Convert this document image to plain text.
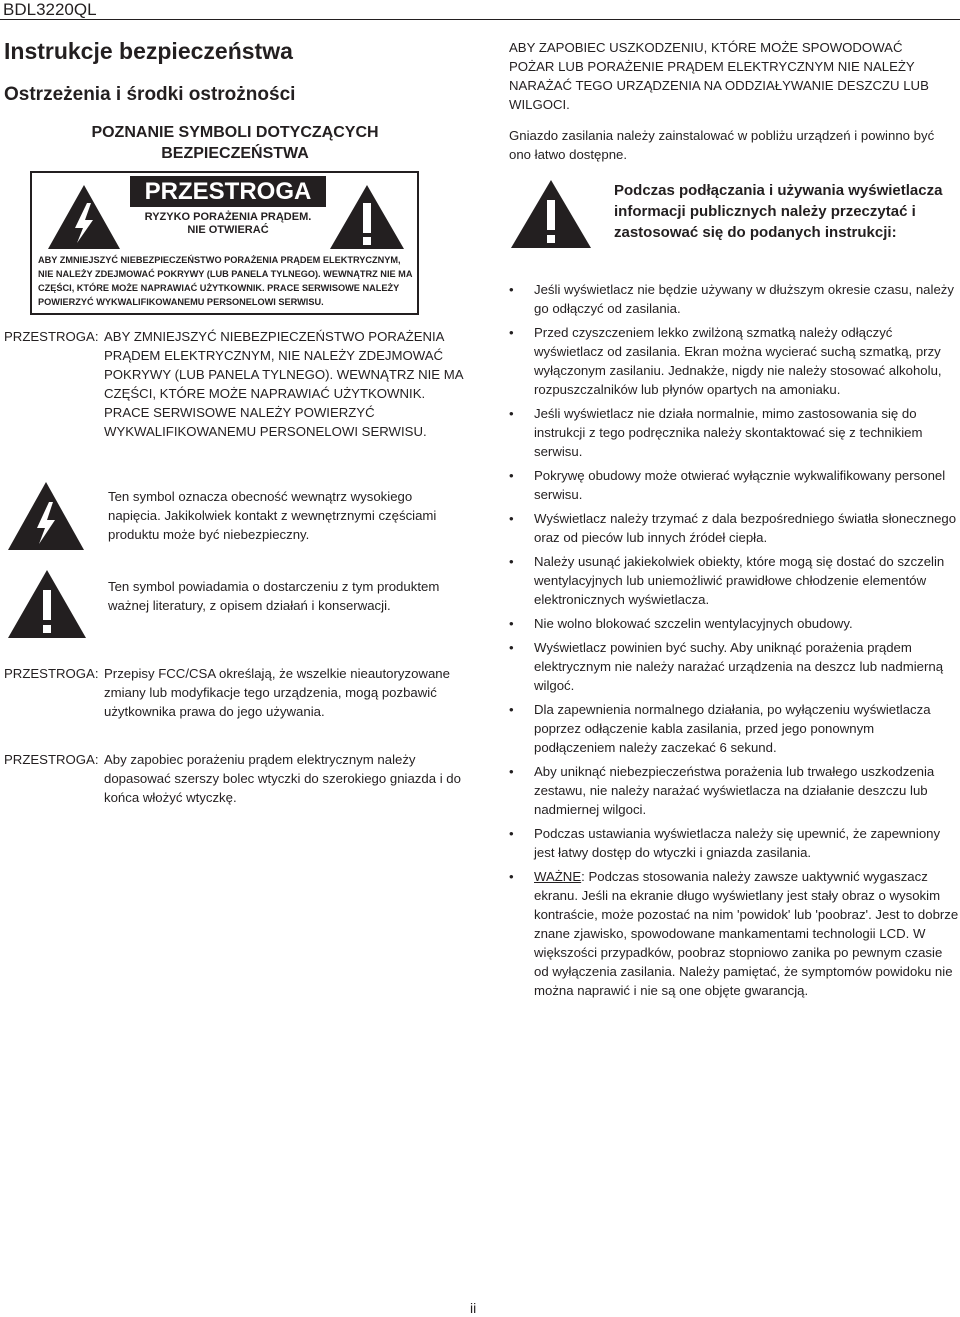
BDL3220QL
Instrukcje bezpieczeństwa
Ostrzeżenia i środki ostrożności
POZNANIE SYMBOLI DOTYCZĄCYCH BEZPIECZEŃSTWA
PRZESTROGA
RYZYKO PORAŻENIA PRĄDEM.
NIE OTWIERAĆ
ABY ZMNIEJSZYĆ NIEBEZPIECZEŃSTWO PORAŻENIA PRĄDEM ELEKTRYCZNYM, NIE NALEŻY ZDEJMOWAĆ POKRYWY (LUB PANELA TYLNEGO). WEWNĄTRZ NIE MA CZĘŚCI, KTÓRE MOŻE NAPRAWIAĆ UŻYTKOWNIK. PRACE SERWISOWE NALEŻY POWIERZYĆ WYKWALIFIKOWANEMU PERSONELOWI SERWISU.
PRZESTROGA: ABY ZMNIEJSZYĆ NIEBEZPIECZEŃSTWO PORAŻENIA PRĄDEM ELEKTRYCZNYM, NIE NALEŻY ZDEJMOWAĆ POKRYWY (LUB PANELA TYLNEGO). WEWNĄTRZ NIE MA CZĘŚCI, KTÓRE MOŻE NAPRAWIAĆ UŻYTKOWNIK. PRACE SERWISOWE NALEŻY POWIERZYĆ WYKWALIFIKOWANEMU PERSONELOWI SERWISU.
Ten symbol oznacza obecność wewnątrz wysokiego napięcia. Jakikolwiek kontakt z wewnętrznymi częściami produktu może być niebezpieczny.
Ten symbol powiadamia o dostarczeniu z tym produktem ważnej literatury, z opisem działań i konserwacji.
PRZESTROGA: Przepisy FCC/CSA określają, że wszelkie nieautoryzowane zmiany lub modyfikacje tego urządzenia, mogą pozbawić użytkownika prawa do jego używania.
PRZESTROGA: Aby zapobiec porażeniu prądem elektrycznym należy dopasować szerszy bolec wtyczki do szerokiego gniazda i do końca włożyć wtyczkę.
ABY ZAPOBIEC USZKODZENIU, KTÓRE MOŻE SPOWODOWAĆ POŻAR LUB PORAŻENIE PRĄDEM ELEKTRYCZNYM NIE NALEŻY NARAŻAĆ TEGO URZĄDZENIA NA ODDZIAŁYWANIE DESZCZU LUB WILGOCI.
Gniazdo zasilania należy zainstalować w pobliżu urządzeń i powinno być ono łatwo dostępne.
Podczas podłączania i używania wyświetlacza informacji publicznych należy przeczytać i zastosować się do podanych instrukcji:
• Jeśli wyświetlacz nie będzie używany w dłuższym okresie czasu, należy go odłączyć od zasilania.
• Przed czyszczeniem lekko zwilżoną szmatką należy odłączyć wyświetlacz od zasilania. Ekran można wycierać suchą szmatką, przy wyłączonym zasilaniu. Jednakże, nigdy nie należy stosować alkoholu, rozpuszczalników lub płynów opartych na amoniaku.
• Jeśli wyświetlacz nie działa normalnie, mimo zastosowania się do instrukcji z tego podręcznika należy skontaktować się z technikiem serwisu.
• Pokrywę obudowy może otwierać wyłącznie wykwalifikowany personel serwisu.
• Wyświetlacz należy trzymać z dala bezpośredniego światła słonecznego oraz od pieców lub innych źródeł ciepła.
• Należy usunąć jakiekolwiek obiekty, które mogą się dostać do szczelin wentylacyjnych lub uniemożliwić prawidłowe chłodzenie elementów elektronicznych wyświetlacza.
• Nie wolno blokować szczelin wentylacyjnych obudowy.
• Wyświetlacz powinien być suchy. Aby uniknąć porażenia prądem elektrycznym nie należy narażać urządzenia na deszcz lub nadmierną wilgoć.
• Dla zapewnienia normalnego działania, po wyłączeniu wyświetlacza poprzez odłączenie kabla zasilania, przed jego ponownym podłączeniem należy zaczekać 6 sekund.
• Aby uniknąć niebezpieczeństwa porażenia lub trwałego uszkodzenia zestawu, nie należy narażać wyświetlacza na działanie deszczu lub nadmiernej wilgoci.
• Podczas ustawiania wyświetlacza należy się upewnić, że zapewniony jest łatwy dostęp do wtyczki i gniazda zasilania.
• WAŻNE: Podczas stosowania należy zawsze uaktywnić wygaszacz ekranu. Jeśli na ekranie długo wyświetlany jest stały obraz o wysokim kontraście, może pozostać na nim 'powidok' lub 'poobraz'. Jest to dobrze znane zjawisko, spowodowane mankamentami technologii LCD. W większości przypadków, poobraz stopniowo zanika po pewnym czasie od wyłączenia zasilania. Należy pamiętać, że symptomów powidoku nie można naprawić i nie są one objęte gwarancją.
ii
